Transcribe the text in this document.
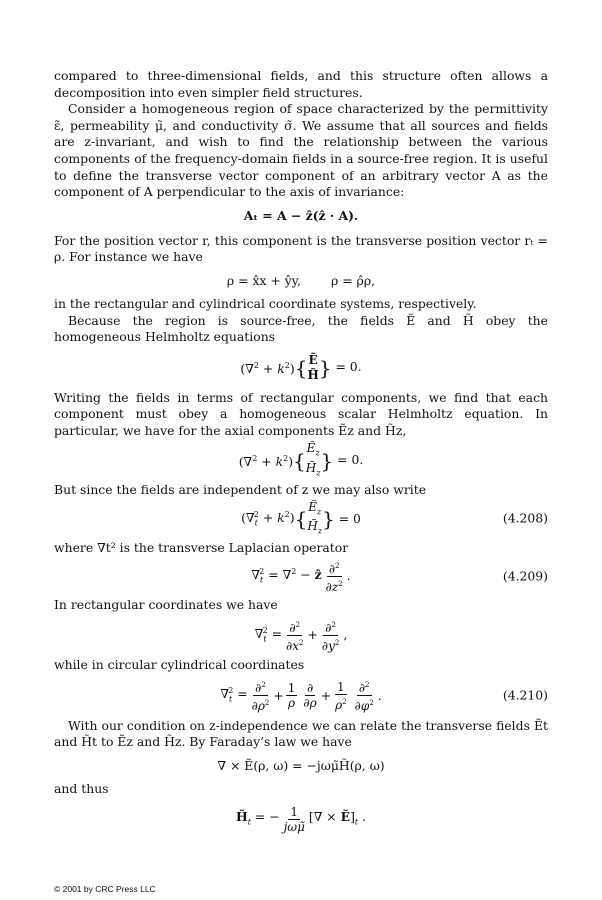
compared to three-dimensional fields, and this structure often allows a decomposition into even simpler field structures.

Consider a homogeneous region of space characterized by the permittivity ε̃, permeability μ̃, and conductivity σ̃. We assume that all sources and fields are z-invariant, and wish to find the relationship between the various components of the frequency-domain fields in a source-free region. It is useful to define the transverse vector component of an arbitrary vector A as the component of A perpendicular to the axis of invariance:

Aₜ = A − ẑ(ẑ · A).

For the position vector r, this component is the transverse position vector rₜ = ρ. For instance we have

ρ = x̂x + ŷy, ρ = ρ̂ρ,

in the rectangular and cylindrical coordinate systems, respectively.

Because the region is source-free, the fields Ẽ and H̃ obey the homogeneous Helmholtz equations

$(\nabla^2 + k^2)$ { Ẽ
H̃ } = 0.

Writing the fields in terms of rectangular components, we find that each component must obey a homogeneous scalar Helmholtz equation. In particular, we have for the axial components Ẽz and H̃z,

$(\nabla^2 + k^2)$ {
Ẽ$_z$
$H̃_z$ } = 0.

But since the fields are independent of z we may also write

$(\nabla_t^2 + k^2)$ {
Ẽ$_z$
$H̃_z$ } = 0	(4.208)

where ∇t² is the transverse Laplacian operator

$\nabla_t^2 = \nabla^2$ − ẑ $\frac{\partial^2}{\partial z^2}$ .	(4.209)

In rectangular coordinates we have

$\nabla_t^2 = \frac{\partial^2}{\partial x^2} + \frac{\partial^2}{\partial y^2}$ ,

while in circular cylindrical coordinates

$\nabla_t^2 = \frac{\partial^2}{\partial\rho^2} + \frac{1}{\rho} \frac{\partial}{\partial\rho} + \frac{1}{\rho^2} \frac{\partial^2}{\partial\varphi^2}$ .	(4.210)

With our condition on z-independence we can relate the transverse fields Ẽt and H̃t to Ẽz and H̃z. By Faraday’s law we have

∇ × Ẽ(ρ, ω) = −jωμ̃H̃(ρ, ω)

and thus

$H̃_t$ = − $\frac{1}{\text{jωμ̃}}$ [∇ × $Ẽ]_t$ .
© 2001 by CRC Press LLC
